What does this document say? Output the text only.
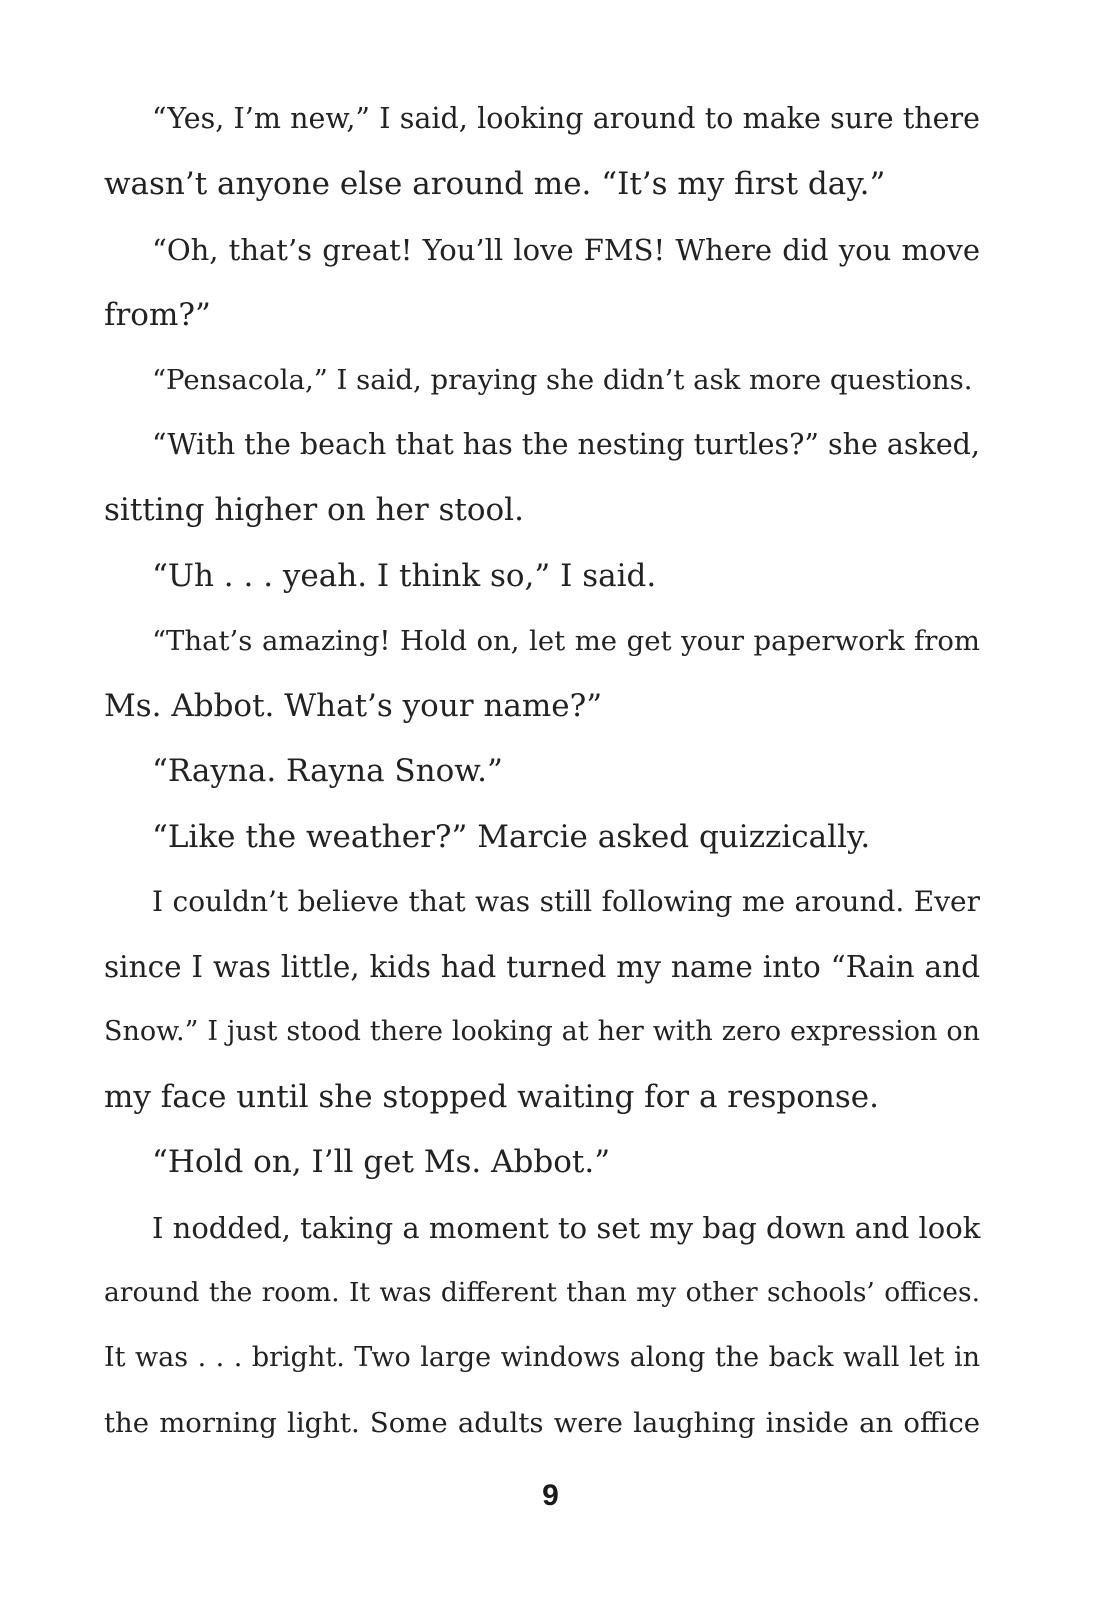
“Yes, I’m new,” I said, looking around to make sure there
wasn’t anyone else around me. “It’s my first day.”
“Oh, that’s great! You’ll love FMS! Where did you move
from?”
“Pensacola,” I said, praying she didn’t ask more questions.
“With the beach that has the nesting turtles?” she asked,
sitting higher on her stool.
“Uh . . . yeah. I think so,” I said.
“That’s amazing! Hold on, let me get your paperwork from
Ms. Abbot. What’s your name?”
“Rayna. Rayna Snow.”
“Like the weather?” Marcie asked quizzically.
I couldn’t believe that was still following me around. Ever
since I was little, kids had turned my name into “Rain and
Snow.” I just stood there looking at her with zero expression on
my face until she stopped waiting for a response.
“Hold on, I’ll get Ms. Abbot.”
I nodded, taking a moment to set my bag down and look
around the room. It was different than my other schools’ offices.
It was . . . bright. Two large windows along the back wall let in
the morning light. Some adults were laughing inside an office
9
